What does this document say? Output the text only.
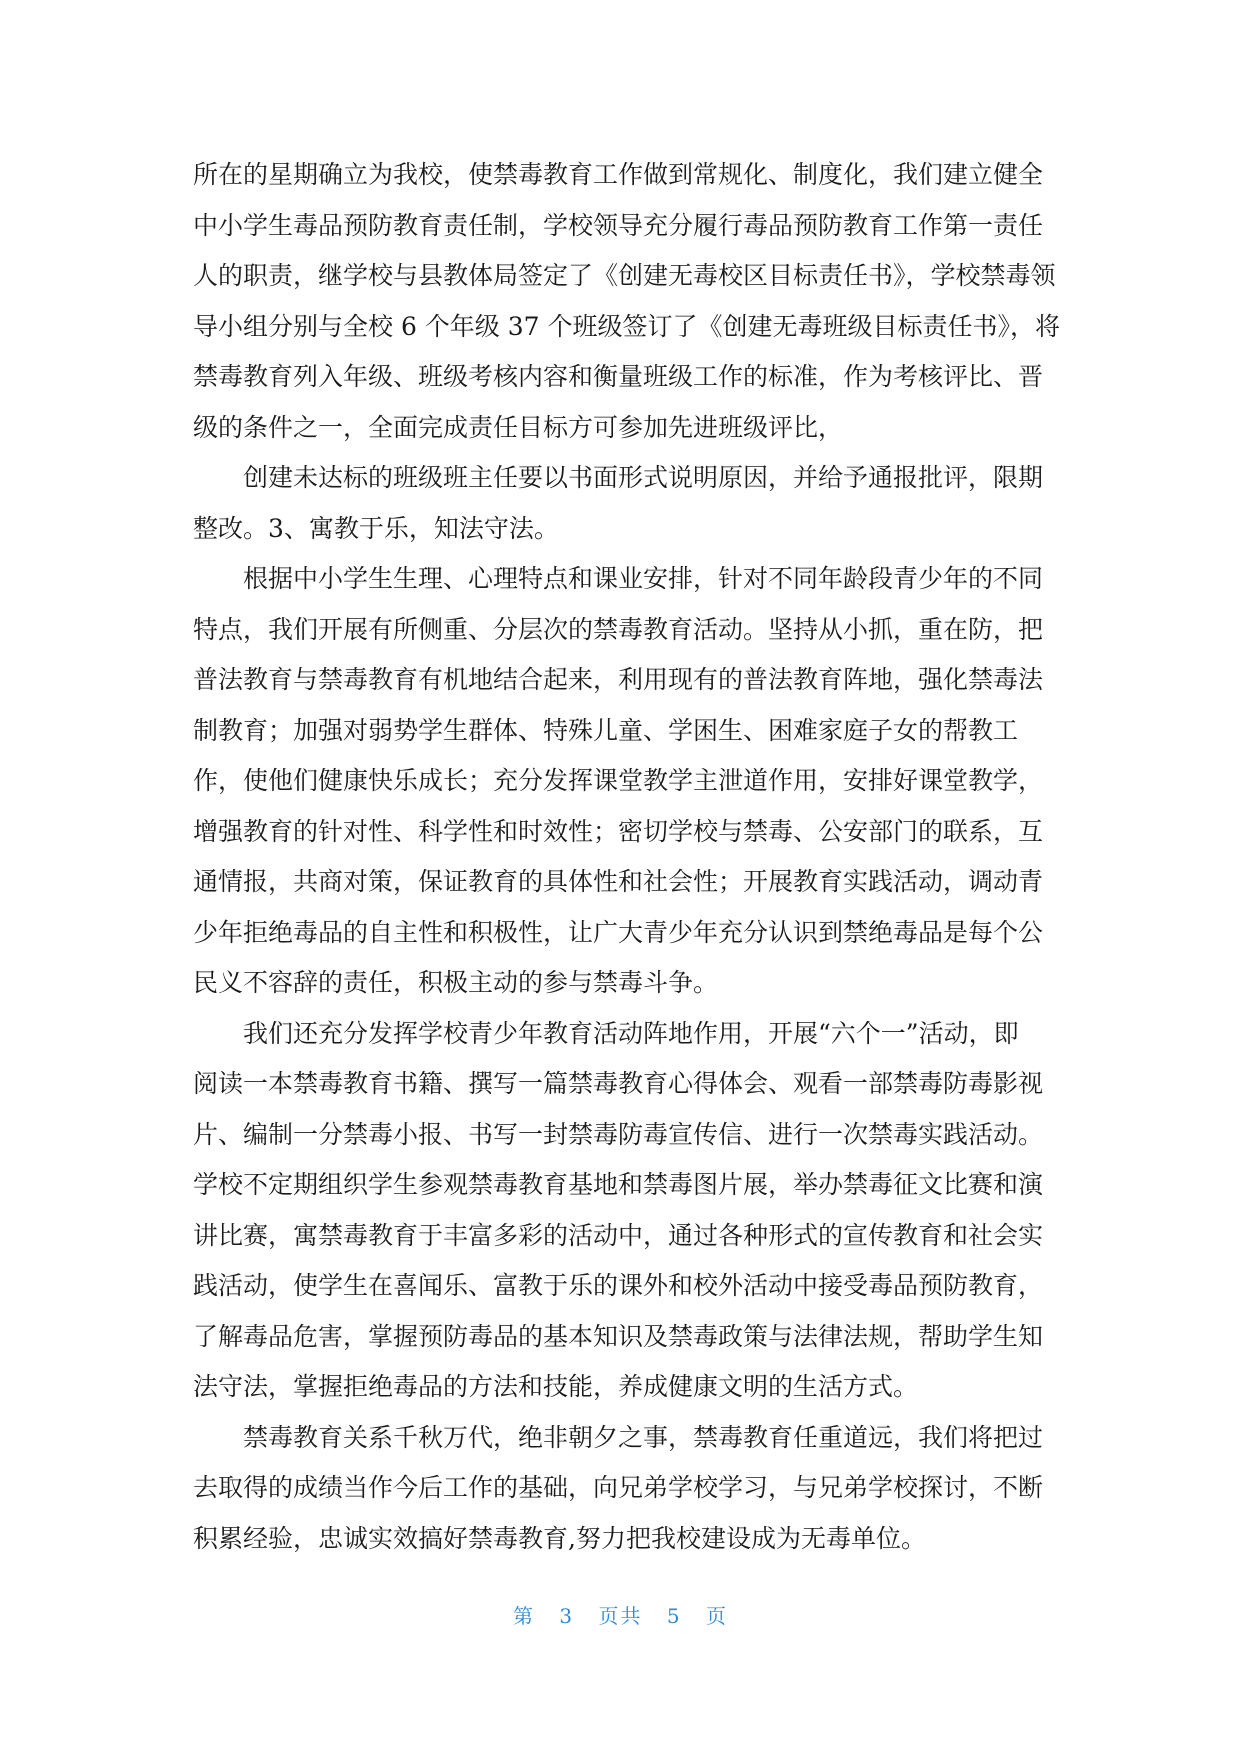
所在的星期确立为我校，使禁毒教育工作做到常规化、制度化，我们建立健全
中小学生毒品预防教育责任制，学校领导充分履行毒品预防教育工作第一责任
人的职责，继学校与县教体局签定了《创建无毒校区目标责任书》，学校禁毒领
导小组分别与全校 6 个年级 37 个班级签订了《创建无毒班级目标责任书》，将
禁毒教育列入年级、班级考核内容和衡量班级工作的标准，作为考核评比、晋
级的条件之一，全面完成责任目标方可参加先进班级评比，
创建未达标的班级班主任要以书面形式说明原因，并给予通报批评，限期
整改。3、寓教于乐，知法守法。
根据中小学生生理、心理特点和课业安排，针对不同年龄段青少年的不同
特点，我们开展有所侧重、分层次的禁毒教育活动。坚持从小抓，重在防，把
普法教育与禁毒教育有机地结合起来，利用现有的普法教育阵地，强化禁毒法
制教育；加强对弱势学生群体、特殊儿童、学困生、困难家庭子女的帮教工
作，使他们健康快乐成长；充分发挥课堂教学主泄道作用，安排好课堂教学，
增强教育的针对性、科学性和时效性；密切学校与禁毒、公安部门的联系，互
通情报，共商对策，保证教育的具体性和社会性；开展教育实践活动，调动青
少年拒绝毒品的自主性和积极性，让广大青少年充分认识到禁绝毒品是每个公
民义不容辞的责任，积极主动的参与禁毒斗争。
我们还充分发挥学校青少年教育活动阵地作用，开展“六个一”活动，即
阅读一本禁毒教育书籍、撰写一篇禁毒教育心得体会、观看一部禁毒防毒影视
片、编制一分禁毒小报、书写一封禁毒防毒宣传信、进行一次禁毒实践活动。
学校不定期组织学生参观禁毒教育基地和禁毒图片展，举办禁毒征文比赛和演
讲比赛，寓禁毒教育于丰富多彩的活动中，通过各种形式的宣传教育和社会实
践活动，使学生在喜闻乐、富教于乐的课外和校外活动中接受毒品预防教育，
了解毒品危害，掌握预防毒品的基本知识及禁毒政策与法律法规，帮助学生知
法守法，掌握拒绝毒品的方法和技能，养成健康文明的生活方式。
禁毒教育关系千秋万代，绝非朝夕之事，禁毒教育任重道远，我们将把过
去取得的成绩当作今后工作的基础，向兄弟学校学习，与兄弟学校探讨，不断
积累经验，忠诚实效搞好禁毒教育,努力把我校建设成为无毒单位。
第 3 页共 5 页
